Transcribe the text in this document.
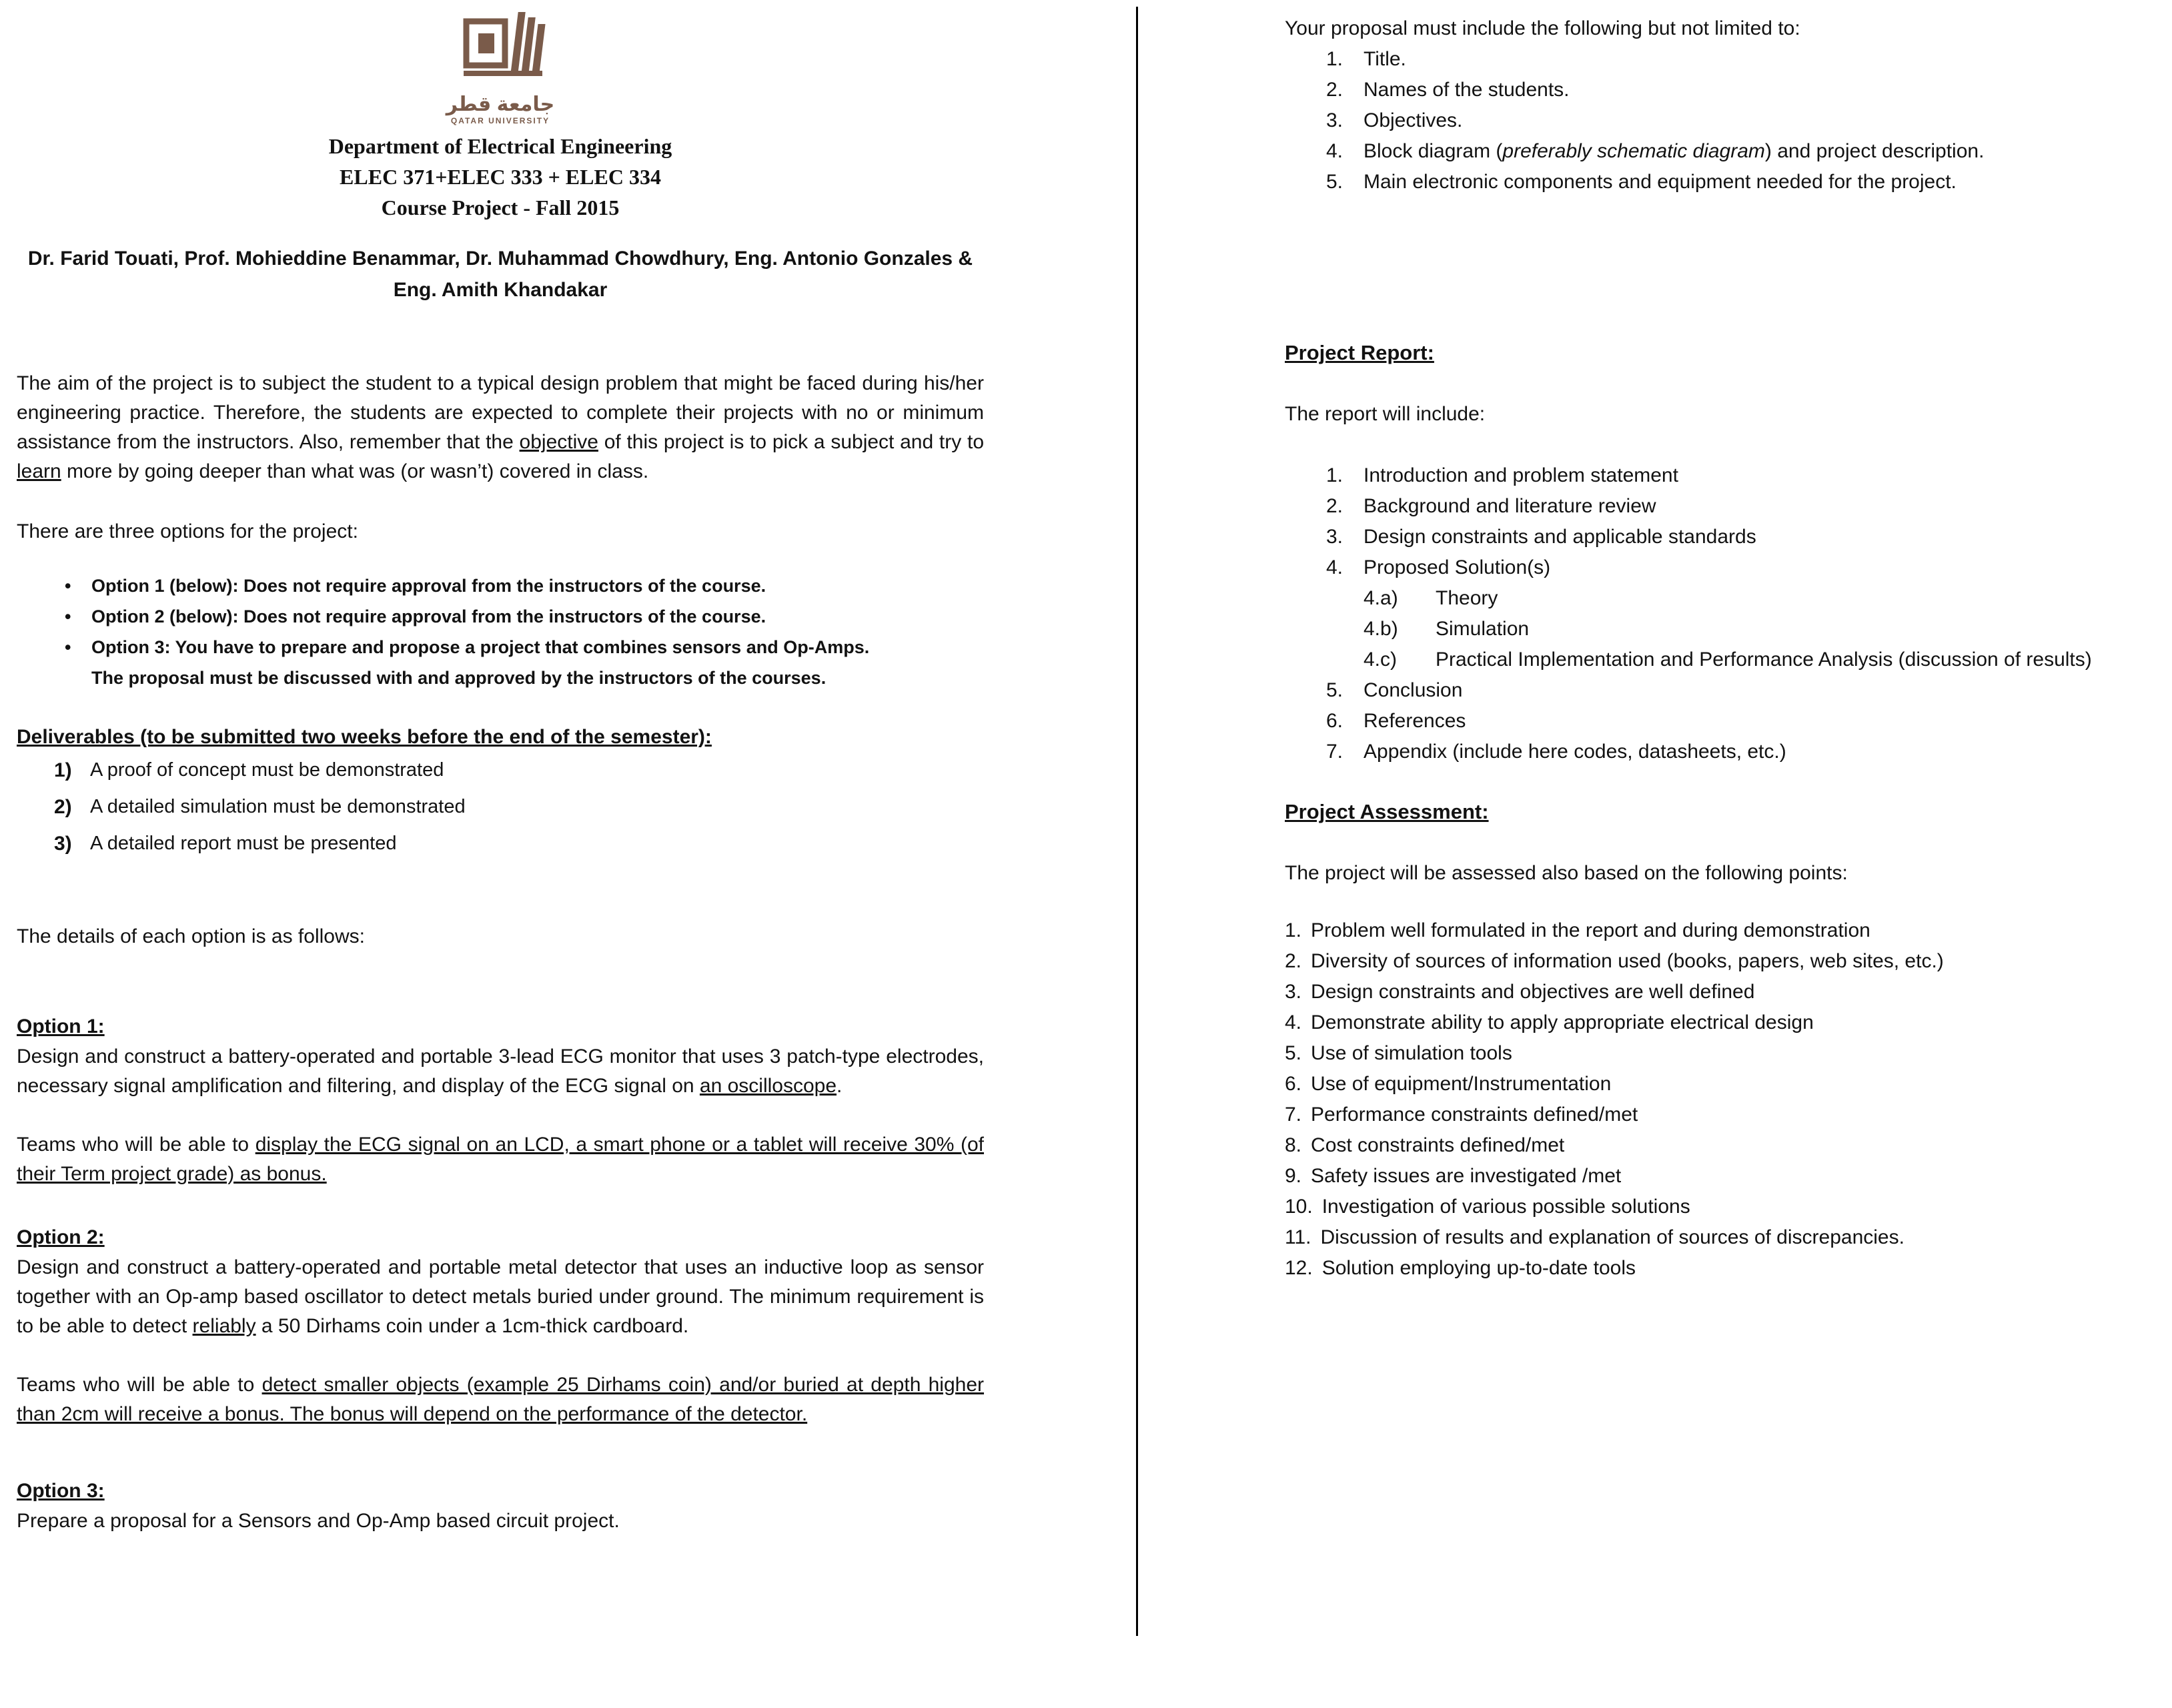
جامعة قطر
QATAR UNIVERSITY
Department of Electrical Engineering
ELEC 371+ELEC 333 + ELEC 334
Course Project - Fall 2015
Dr. Farid Touati, Prof. Mohieddine Benammar, Dr. Muhammad Chowdhury, Eng. Antonio Gonzales & Eng. Amith Khandakar

The aim of the project is to subject the student to a typical design problem that might be faced during his/her engineering practice. Therefore, the students are expected to complete their projects with no or minimum assistance from the instructors. Also, remember that the objective of this project is to pick a subject and try to learn more by going deeper than what was (or wasn’t) covered in class.

There are three options for the project:
•	Option 1 (below): Does not require approval from the instructors of the course.
•	Option 2 (below): Does not require approval from the instructors of the course.
•	Option 3: You have to prepare and propose a project that combines sensors and Op-Amps. The proposal must be discussed with and approved by the instructors of the courses.
Deliverables (to be submitted two weeks before the end of the semester):
1) A proof of concept must be demonstrated
2) A detailed simulation must be demonstrated
3) A detailed report must be presented
The details of each option is as follows:
Option 1:

Design and construct a battery-operated and portable 3-lead ECG monitor that uses 3 patch-type electrodes, necessary signal amplification and filtering, and display of the ECG signal on an oscilloscope.

Teams who will be able to display the ECG signal on an LCD, a smart phone or a tablet will receive 30% (of their Term project grade) as bonus.

Option 2:

Design and construct a battery-operated and portable metal detector that uses an inductive loop as sensor together with an Op-amp based oscillator to detect metals buried under ground. The minimum requirement is to be able to detect reliably a 50 Dirhams coin under a 1cm-thick cardboard.

Teams who will be able to detect smaller objects (example 25 Dirhams coin) and/or buried at depth higher than 2cm will receive a bonus. The bonus will depend on the performance of the detector.

Option 3:

Prepare a proposal for a Sensors and Op-Amp based circuit project.

Your proposal must include the following but not limited to:
1.	Title.
2.	Names of the students.
3.	Objectives.
4.	Block diagram (preferably schematic diagram) and project description.
5.	Main electronic components and equipment needed for the project.
Project Report:
The report will include:
1.	Introduction and problem statement
2.	Background and literature review
3.	Design constraints and applicable standards
4.	Proposed Solution(s)
4.a)	Theory
4.b)	Simulation
4.c)	Practical Implementation and Performance Analysis (discussion of results)
5.	Conclusion
6.	References
7.	Appendix (include here codes, datasheets, etc.)
Project Assessment:
The project will be assessed also based on the following points:
1. Problem well formulated in the report and during demonstration
2. Diversity of sources of information used (books, papers, web sites, etc.)
3. Design constraints and objectives are well defined
4. Demonstrate ability to apply appropriate electrical design
5. Use of simulation tools
6. Use of equipment/Instrumentation
7. Performance constraints defined/met
8. Cost constraints defined/met
9. Safety issues are investigated /met
10. Investigation of various possible solutions
11. Discussion of results and explanation of sources of discrepancies.
12. Solution employing up-to-date tools
